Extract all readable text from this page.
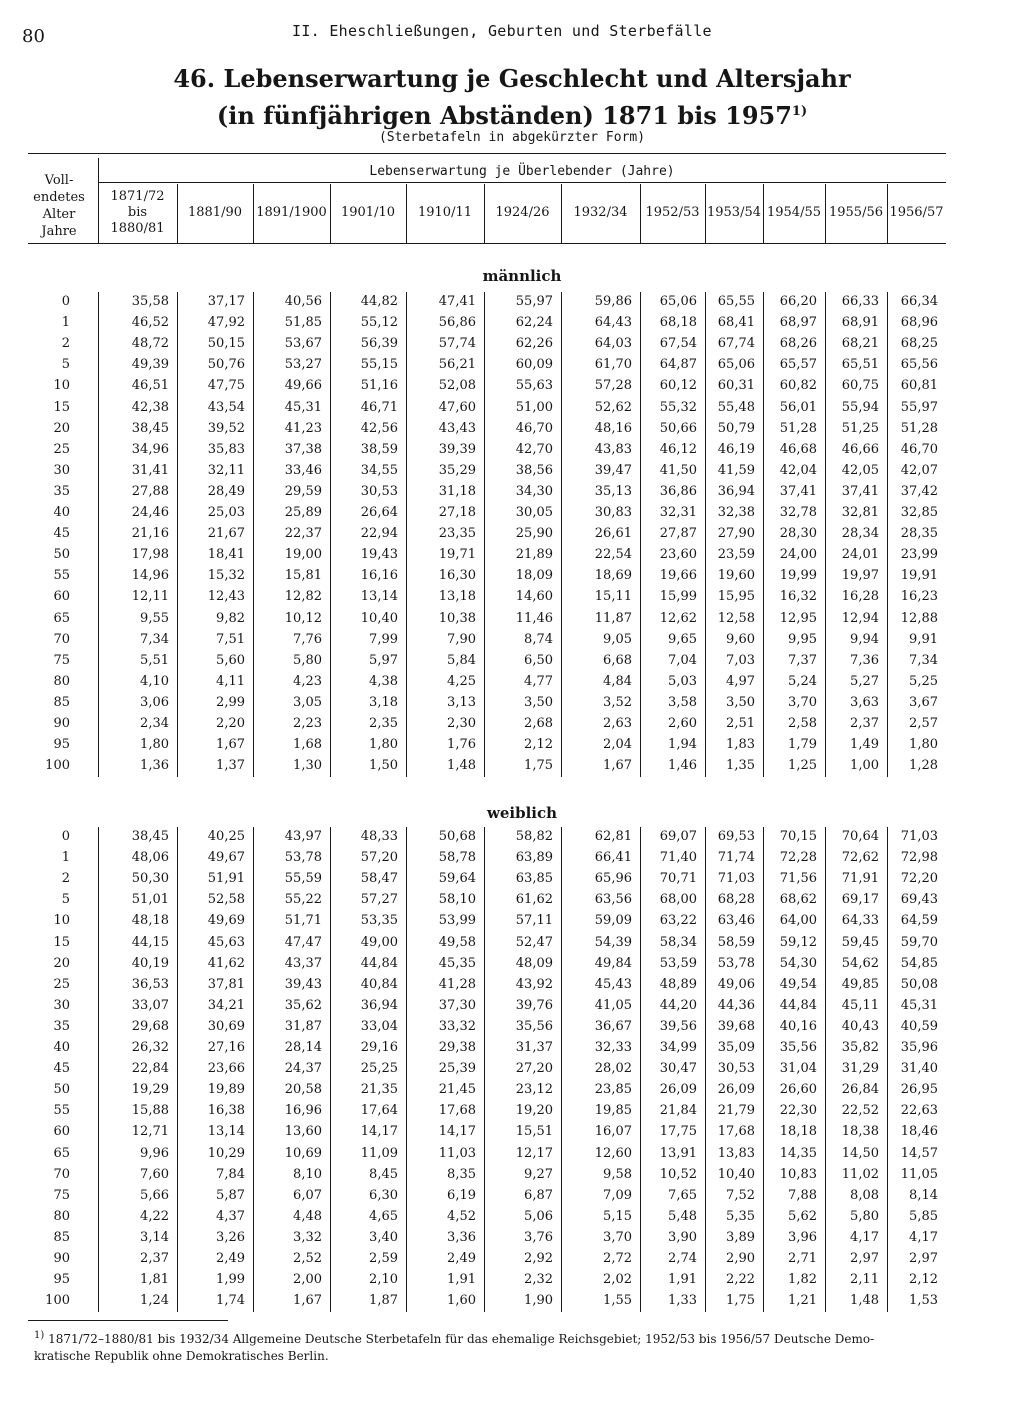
80	II. Eheschließungen, Geburten und Sterbefälle
46. Lebenserwartung je Geschlecht und Altersjahr
(in fünfjährigen Abständen) 1871 bis 1957$^{1)}$
(Sterbetafeln in abgekürzter Form)
Voll-
endetes
Alter
Jahre
Lebenserwartung je Überlebender (Jahre)
1871/72
bis
1880/81
1881/90 1891/1900 1901/10 1910/11 1924/26 1932/34 1952/53 1953/54 1954/55 1955/56 1956/57
männlich
0	35,58	37,17	40,56	44,82	47,41	55,97	59,86	65,06	65,55	66,20	66,33	66,34
1	46,52	47,92	51,85	55,12	56,86	62,24	64,43	68,18	68,41	68,97	68,91	68,96
2	48,72	50,15	53,67	56,39	57,74	62,26	64,03	67,54	67,74	68,26	68,21	68,25
5	49,39	50,76	53,27	55,15	56,21	60,09	61,70	64,87	65,06	65,57	65,51	65,56
10	46,51	47,75	49,66	51,16	52,08	55,63	57,28	60,12	60,31	60,82	60,75	60,81
15	42,38	43,54	45,31	46,71	47,60	51,00	52,62	55,32	55,48	56,01	55,94	55,97
20	38,45	39,52	41,23	42,56	43,43	46,70	48,16	50,66	50,79	51,28	51,25	51,28
25	34,96	35,83	37,38	38,59	39,39	42,70	43,83	46,12	46,19	46,68	46,66	46,70
30	31,41	32,11	33,46	34,55	35,29	38,56	39,47	41,50	41,59	42,04	42,05	42,07
35	27,88	28,49	29,59	30,53	31,18	34,30	35,13	36,86	36,94	37,41	37,41	37,42
40	24,46	25,03	25,89	26,64	27,18	30,05	30,83	32,31	32,38	32,78	32,81	32,85
45	21,16	21,67	22,37	22,94	23,35	25,90	26,61	27,87	27,90	28,30	28,34	28,35
50	17,98	18,41	19,00	19,43	19,71	21,89	22,54	23,60	23,59	24,00	24,01	23,99
55	14,96	15,32	15,81	16,16	16,30	18,09	18,69	19,66	19,60	19,99	19,97	19,91
60	12,11	12,43	12,82	13,14	13,18	14,60	15,11	15,99	15,95	16,32	16,28	16,23
65	9,55	9,82	10,12	10,40	10,38	11,46	11,87	12,62	12,58	12,95	12,94	12,88
70	7,34	7,51	7,76	7,99	7,90	8,74	9,05	9,65	9,60	9,95	9,94	9,91
75	5,51	5,60	5,80	5,97	5,84	6,50	6,68	7,04	7,03	7,37	7,36	7,34
80	4,10	4,11	4,23	4,38	4,25	4,77	4,84	5,03	4,97	5,24	5,27	5,25
85	3,06	2,99	3,05	3,18	3,13	3,50	3,52	3,58	3,50	3,70	3,63	3,67
90	2,34	2,20	2,23	2,35	2,30	2,68	2,63	2,60	2,51	2,58	2,37	2,57
95	1,80	1,67	1,68	1,80	1,76	2,12	2,04	1,94	1,83	1,79	1,49	1,80
100	1,36	1,37	1,30	1,50	1,48	1,75	1,67	1,46	1,35	1,25	1,00	1,28
weiblich
0	38,45	40,25	43,97	48,33	50,68	58,82	62,81	69,07	69,53	70,15	70,64	71,03
1	48,06	49,67	53,78	57,20	58,78	63,89	66,41	71,40	71,74	72,28	72,62	72,98
2	50,30	51,91	55,59	58,47	59,64	63,85	65,96	70,71	71,03	71,56	71,91	72,20
5	51,01	52,58	55,22	57,27	58,10	61,62	63,56	68,00	68,28	68,62	69,17	69,43
10	48,18	49,69	51,71	53,35	53,99	57,11	59,09	63,22	63,46	64,00	64,33	64,59
15	44,15	45,63	47,47	49,00	49,58	52,47	54,39	58,34	58,59	59,12	59,45	59,70
20	40,19	41,62	43,37	44,84	45,35	48,09	49,84	53,59	53,78	54,30	54,62	54,85
25	36,53	37,81	39,43	40,84	41,28	43,92	45,43	48,89	49,06	49,54	49,85	50,08
30	33,07	34,21	35,62	36,94	37,30	39,76	41,05	44,20	44,36	44,84	45,11	45,31
35	29,68	30,69	31,87	33,04	33,32	35,56	36,67	39,56	39,68	40,16	40,43	40,59
40	26,32	27,16	28,14	29,16	29,38	31,37	32,33	34,99	35,09	35,56	35,82	35,96
45	22,84	23,66	24,37	25,25	25,39	27,20	28,02	30,47	30,53	31,04	31,29	31,40
50	19,29	19,89	20,58	21,35	21,45	23,12	23,85	26,09	26,09	26,60	26,84	26,95
55	15,88	16,38	16,96	17,64	17,68	19,20	19,85	21,84	21,79	22,30	22,52	22,63
60	12,71	13,14	13,60	14,17	14,17	15,51	16,07	17,75	17,68	18,18	18,38	18,46
65	9,96	10,29	10,69	11,09	11,03	12,17	12,60	13,91	13,83	14,35	14,50	14,57
70	7,60	7,84	8,10	8,45	8,35	9,27	9,58	10,52	10,40	10,83	11,02	11,05
75	5,66	5,87	6,07	6,30	6,19	6,87	7,09	7,65	7,52	7,88	8,08	8,14
80	4,22	4,37	4,48	4,65	4,52	5,06	5,15	5,48	5,35	5,62	5,80	5,85
85	3,14	3,26	3,32	3,40	3,36	3,76	3,70	3,90	3,89	3,96	4,17	4,17
90	2,37	2,49	2,52	2,59	2,49	2,92	2,72	2,74	2,90	2,71	2,97	2,97
95	1,81	1,99	2,00	2,10	1,91	2,32	2,02	1,91	2,22	1,82	2,11	2,12
100	1,24	1,74	1,67	1,87	1,60	1,90	1,55	1,33	1,75	1,21	1,48	1,53
$^{1)}$ 1871/72–1880/81 bis 1932/34 Allgemeine Deutsche Sterbetafeln für das ehemalige Reichsgebiet; 1952/53 bis 1956/57 Deutsche Demo-
kratische Republik ohne Demokratisches Berlin.
